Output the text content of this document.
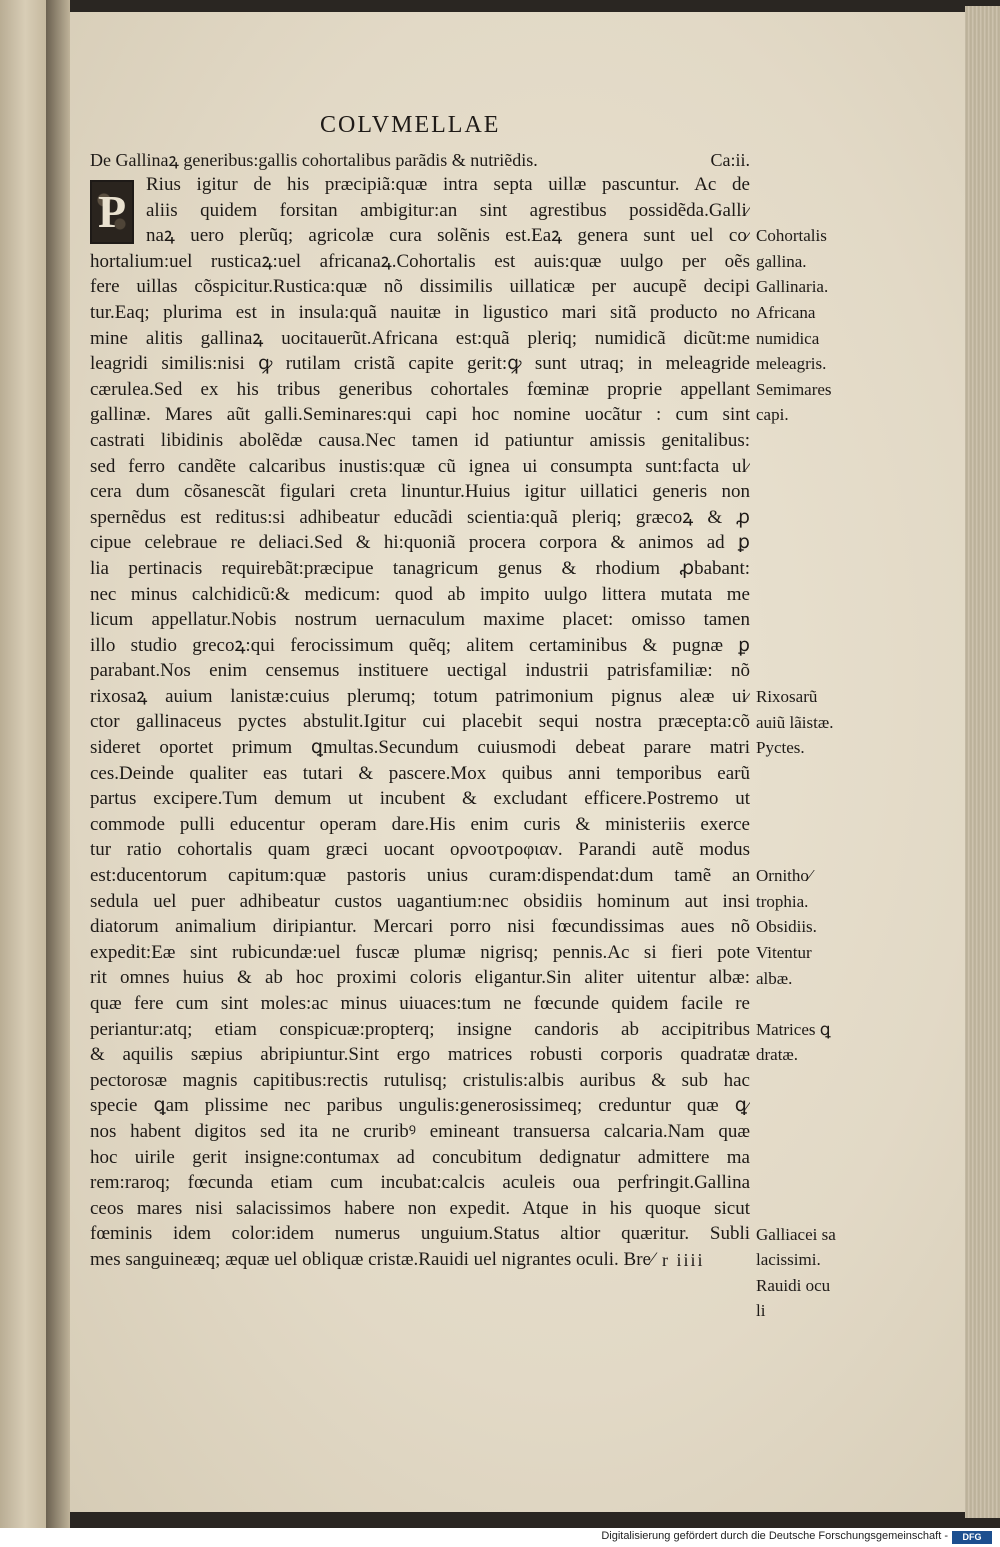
COLVMELLAE
De Gallinaꝝ generibus:gallis cohortalibus parãdis & nutriẽdis.	Ca:ii.
Rius igitur de his præcipiã:quæ intra septa uillæ pascuntur. Ac de
aliis quidem forsitan ambigitur:an sint agrestibus possidẽda.Galli⁄
naꝝ uero plerũq; agricolæ cura solẽnis est.Eaꝝ genera sunt uel co⁄
hortalium:uel rusticaꝝ:uel africanaꝝ.Cohortalis est auis:quæ uulgo per oẽs
fere uillas cõspicitur.Rustica:quæ nõ dissimilis uillaticæ per aucupẽ decipi
tur.Eaq; plurima est in insula:quã nauitæ in ligustico mari sitã producto no
mine alitis gallinaꝝ uocitauerũt.Africana est:quã pleriq; numidicã dicũt:me
leagridi similis:nisi ꝙ rutilam cristã capite gerit:ꝙ sunt utraq; in meleagride
cærulea.Sed ex his tribus generibus cohortales fœminæ proprie appellant
gallinæ. Mares aũt galli.Seminares:qui capi hoc nomine uocãtur : cum sint
castrati libidinis abolẽdæ causa.Nec tamen id patiuntur amissis genitalibus:
sed ferro candẽte calcaribus inustis:quæ cũ ignea ui consumpta sunt:facta ul⁄
cera dum cõsanescãt figulari creta linuntur.Huius igitur uillatici generis non
spernẽdus est reditus:si adhibeatur educãdi scientia:quã pleriq; græcoꝝ & ꝓ
cipue celebraue re deliaci.Sed & hi:quoniã procera corpora & animos ad ꝑ
lia pertinacis requirebãt:præcipue tanagricum genus & rhodium ꝓbabant:
nec minus calchidicũ:& medicum: quod ab impito uulgo littera mutata me
licum appellatur.Nobis nostrum uernaculum maxime placet: omisso tamen
illo studio grecoꝝ:qui ferocissimum quẽq; alitem certaminibus & pugnæ ꝑ
parabant.Nos enim censemus instituere uectigal industrii patrisfamiliæ: nõ
rixosaꝝ auium lanistæ:cuius plerumq; totum patrimonium pignus aleæ ui⁄
ctor gallinaceus pyctes abstulit.Igitur cui placebit sequi nostra præcepta:cõ
sideret oportet primum ꝗmultas.Secundum cuiusmodi debeat parare matri
ces.Deinde qualiter eas tutari & pascere.Mox quibus anni temporibus earũ
partus excipere.Tum demum ut incubent & excludant efficere.Postremo ut
commode pulli educentur operam dare.His enim curis & ministeriis exerce
tur ratio cohortalis quam græci uocant ορνοοτροφιαν. Parandi autẽ modus
est:ducentorum capitum:quæ pastoris unius curam:dispendat:dum tamẽ an
sedula uel puer adhibeatur custos uagantium:nec obsidiis hominum aut insi
diatorum animalium diripiantur. Mercari porro nisi fœcundissimas aues nõ
expedit:Eæ sint rubicundæ:uel fuscæ plumæ nigrisq; pennis.Ac si fieri pote
rit omnes huius & ab hoc proximi coloris eligantur.Sin aliter uitentur albæ:
quæ fere cum sint moles:ac minus uiuaces:tum ne fœcunde quidem facile re
periantur:atq; etiam conspicuæ:propterq; insigne candoris ab accipitribus
& aquilis sæpius abripiuntur.Sint ergo matrices robusti corporis quadratæ
pectorosæ magnis capitibus:rectis rutulisq; cristulis:albis auribus & sub hac
specie ꝗam plissime nec paribus ungulis:generosissimeq; creduntur quæ ꝗ⁄
nos habent digitos sed ita ne cruribꝰ emineant transuersa calcaria.Nam quæ
hoc uirile gerit insigne:contumax ad concubitum dedignatur admittere ma
rem:raroq; fœcunda etiam cum incubat:calcis aculeis oua perfringit.Gallina
ceos mares nisi salacissimos habere non expedit. Atque in his quoque sicut
fœminis idem color:idem numerus unguium.Status altior quæritur. Subli
mes sanguineæq; æquæ uel obliquæ cristæ.Rauidi uel nigrantes oculi. Bre⁄
P	Cohortalis
gallina.
Gallinaria.
Africana
numidica
meleagris.
Semimares
capi.
Rixosarũ
auiũ lãistæ.
Pyctes.
Ornitho⁄
trophia.
Obsidiis.
Vitentur
albæ.
Matrices ꝗ
dratæ.
Galliacei sa
lacissimi.
Rauidi ocu
li
r iiii
Digitalisierung gefördert durch die Deutsche Forschungsgemeinschaft -	DFG
